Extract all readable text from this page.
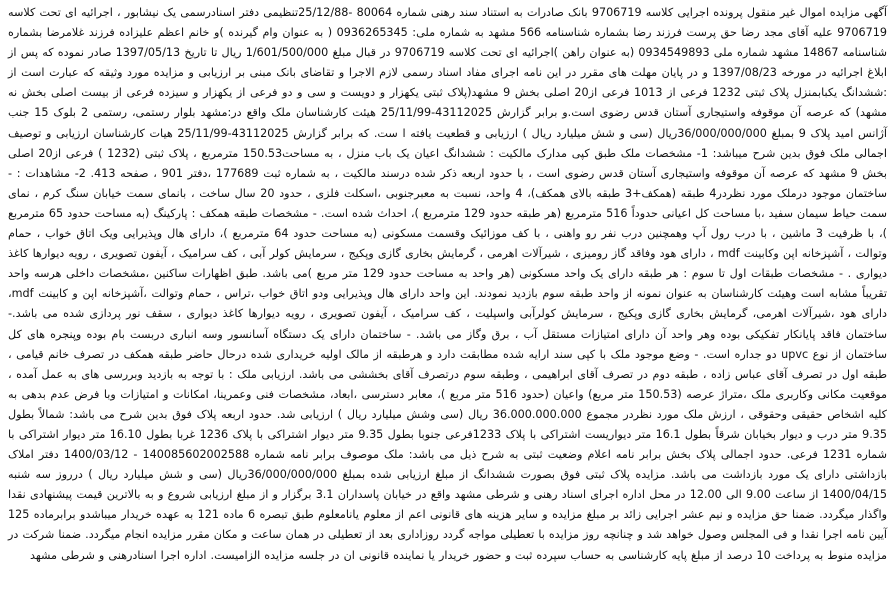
آگهی مزایده اموال غیر منقول پرونده اجرایی کلاسه 9706719 بانک صادرات به استناد سند رهنی شماره 80064 -25/12/88تنظیمی دفتر اسنادرسمی یک نیشابور ، اجرائیه ای تحت کلاسه 9706719 علیه آقای مجد رضا حق پرست فرزند رضا بشماره شناسنامه 566 مشهد به شماره ملی: 0936265345 ( به عنوان وام گیرنده )و خانم اعظم علیزاده فرزند غلامرضا بشماره شناسنامه 14867 مشهد شماره ملی 0934549893 (به عنوان راهن )اجرائیه ای تحت کلاسه 9706719 در قبال مبلغ 1/601/500/000 ریال تا تاریخ 1397/05/13 صادر نموده که پس از ابلاغ اجرائیه در مورخه 1397/08/23 و در پایان مهلت های مقرر در این نامه اجرای مفاد اسناد رسمی لازم الاجرا و تقاضای بانک مبنی بر ارزیابی و مزایده مورد وثیقه که عبارت است از :ششدانگ یکبابمنزل پلاک ثبتی 1232 فرعی از 1013 فرعی از20 اصلی بخش 9 مشهد(پلاک ثبتی یکهزار و دویست و سی و دو فرعی از یکهزار و سیزده فرعی از بیست اصلی بخش نه مشهد) که عرصه آن موقوفه واستیجاری آستان قدس رضوی است.و برابر گزارش 43112025-25/11/99 هیئت کارشناسان ملک واقع در:مشهد بلوار رستمی، رستمی 2 بلوک 15 جنب آژانس امید پلاک 9 بمبلغ 36/000/000/000ریال (سی و شش میلیارد ریال ) ارزیابی و قطعیت یافته ا ست. که برابر گزارش 43112025-25/11/99 هیات کارشناسان ارزیابی و توصیف اجمالی ملک فوق بدین شرح میباشد: 1- مشخصات ملک طبق کپی مدارک مالکیت : ششدانگ اعیان یک باب منزل ، به مساحت150.53 مترمربع ، پلاک ثبتی (1232 ) فرعی از20 اصلی بخش 9 مشهد که عرصه آن موقوفه واستیجاری آستان قدس رضوی است ، با حدود اربعه ذکر شده درسند مالکیت ، به شماره ثبت 177689 ،دفتر 901 ، صفحه 413. 2- مشاهدات : - ساختمان موجود درملک مورد نظردر4 طبقه (همکف+3 طبقه بالای همکف)، 4 واحد، نسبت به معبرجنوبی ،اسکلت فلزی ، حدود 20 سال ساخت ، بانمای سمت خیابان سنگ کرم ، نمای سمت حیاط سیمان سفید ،با مساحت کل اعیانی حدوداً 516 مترمربع (هر طبقه حدود 129 مترمربع )، احداث شده است. - مشخصات طبقه همکف : پارکینگ (به مساحت حدود 65 مترمربع )، با ظرفیت 3 ماشین ، با درب رول آپ وهمچنین درب نفر رو واهنی ، با کف موزائیک وقسمت مسکونی (به مساحت حدود 64 مترمربع )، دارای هال وپذیرایی ویک اتاق خواب ، حمام وتوالت ، آشپزخانه اپن وکابینت mdf ، دارای هود وفاقد گاز رومیزی ، شیرآلات اهرمی ، گرمایش بخاری گازی وپکیج ، سرمایش کولر آبی ، کف سرامیک ، آیفون تصویری ، رویه دیوارها کاغذ دیواری . - مشخصات طبقات اول تا سوم : هر طبقه دارای یک واحد مسکونی (هر واحد به مساحت حدود 129 متر مربع )می باشد. طبق اظهارات ساکنین ،مشخصات داخلی هرسه واحد تقریباً مشابه است وهیئت کارشناسان به عنوان نمونه از واحد طبقه سوم بازدید نمودند. این واحد دارای هال وپذیرایی ودو اتاق خواب ،تراس ، حمام وتوالت ،آشپزخانه اپن و کابینت mdf، دارای هود ،شیرآلات اهرمی، گرمایش بخاری گازی وپکیج ، سرمایش کولرآبی واسپلیت ، کف سرامیک ، آیفون تصویری ، رویه دیوارها کاغذ دیواری ، سقف نور پردازی شده می باشد.- ساختمان فاقد پایانکار تفکیکی بوده وهر واحد آن دارای امتیازات مستقل آب ، برق وگاز می باشد. - ساختمان دارای یک دستگاه آسانسور وسه انباری دربست بام بوده وپنجره های کل ساختمان از نوع upvc دو جداره است. - وضع موجود ملک با کپی سند ارایه شده مطابقت دارد و هرطبقه از مالک اولیه خریداری شده درحال حاضر طبقه همکف در تصرف خانم قیامی ، طبقه اول در تصرف آقای عباس زاده ، طبقه دوم در تصرف آقای ابراهیمی ، وطبقه سوم درتصرف آقای بخششی می باشد. ارزیابی ملک : با توجه به بازدید وبررسی های به عمل آمده ، موقعیت مکانی وکاربری ملک ،متراژ عرصه (150.53 متر مربع) واعیان (حدود 516 متر مربع )، معابر دسترسی ،ابعاد، مشخصات فنی وعمرینا، امکانات و امتیازات وبا فرض عدم بدهی به کلیه اشخاص حقیقی وحقوقی ، ارزش ملک مورد نظردر مجموع 36.000.000.000 ریال (سی وشش میلیارد ریال ) ارزیابی شد. حدود اربعه پلاک فوق بدین شرح می باشد: شمالاً بطول 9.35 متر درب و دیوار بخیابان شرقاً بطول 16.1 متر دیواریست اشتراکی با پلاک 1233فرعی جنوبا بطول 9.35 متر دیوار اشتراکی با پلاک 1236 غربا بطول 16.10 متر دیوار اشتراکی با شماره 1231 فرعی. حدود اجمالی پلاک بخش برابر نامه اعلام وضعیت ثبتی به شرح ذیل می باشد: ملک موصوف برابر نامه شماره 140085602002588 - 1400/03/12 دفتر املاک بازداشتی دارای یک مورد بازداشت می باشد. مزایده پلاک ثبتی فوق بصورت ششدانگ از مبلغ ارزیابی شده بمبلغ 36/000/000/000ریال (سی و شش میلیارد ریال ) درروز سه شنبه 1400/04/15 از ساعت 9.00 الی 12.00 در محل اداره اجرای اسناد رهنی و شرطی مشهد واقع در خیابان پاسداران 3.1 برگزار و از مبلغ ارزیابی شروع و به بالاترین قیمت پیشنهادی نقدا واگذار میگردد. ضمنا حق مزایده و نیم عشر اجرایی زائد بر مبلغ مزایده و سایر هزینه های قانونی اعم از معلوم یانامعلوم طبق تبصره 6 ماده 121 به عهده خریدار میباشدو برابرماده 125 آیین نامه اجرا نقدا و فی المجلس وصول خواهد شد و چنانچه روز مزایده با تعطیلی مواجه گردد روزاداری بعد از تعطیلی در همان ساعت و مکان مقرر مزایده انجام میگردد. ضمنا شرکت در مزایده منوط به پرداخت 10 درصد از مبلغ پایه کارشناسی به حساب سپرده ثبت و حضور خریدار یا نماینده قانونی ان در جلسه مزایده الزامیست. اداره اجرا اسنادرهنی و شرطی مشهد
